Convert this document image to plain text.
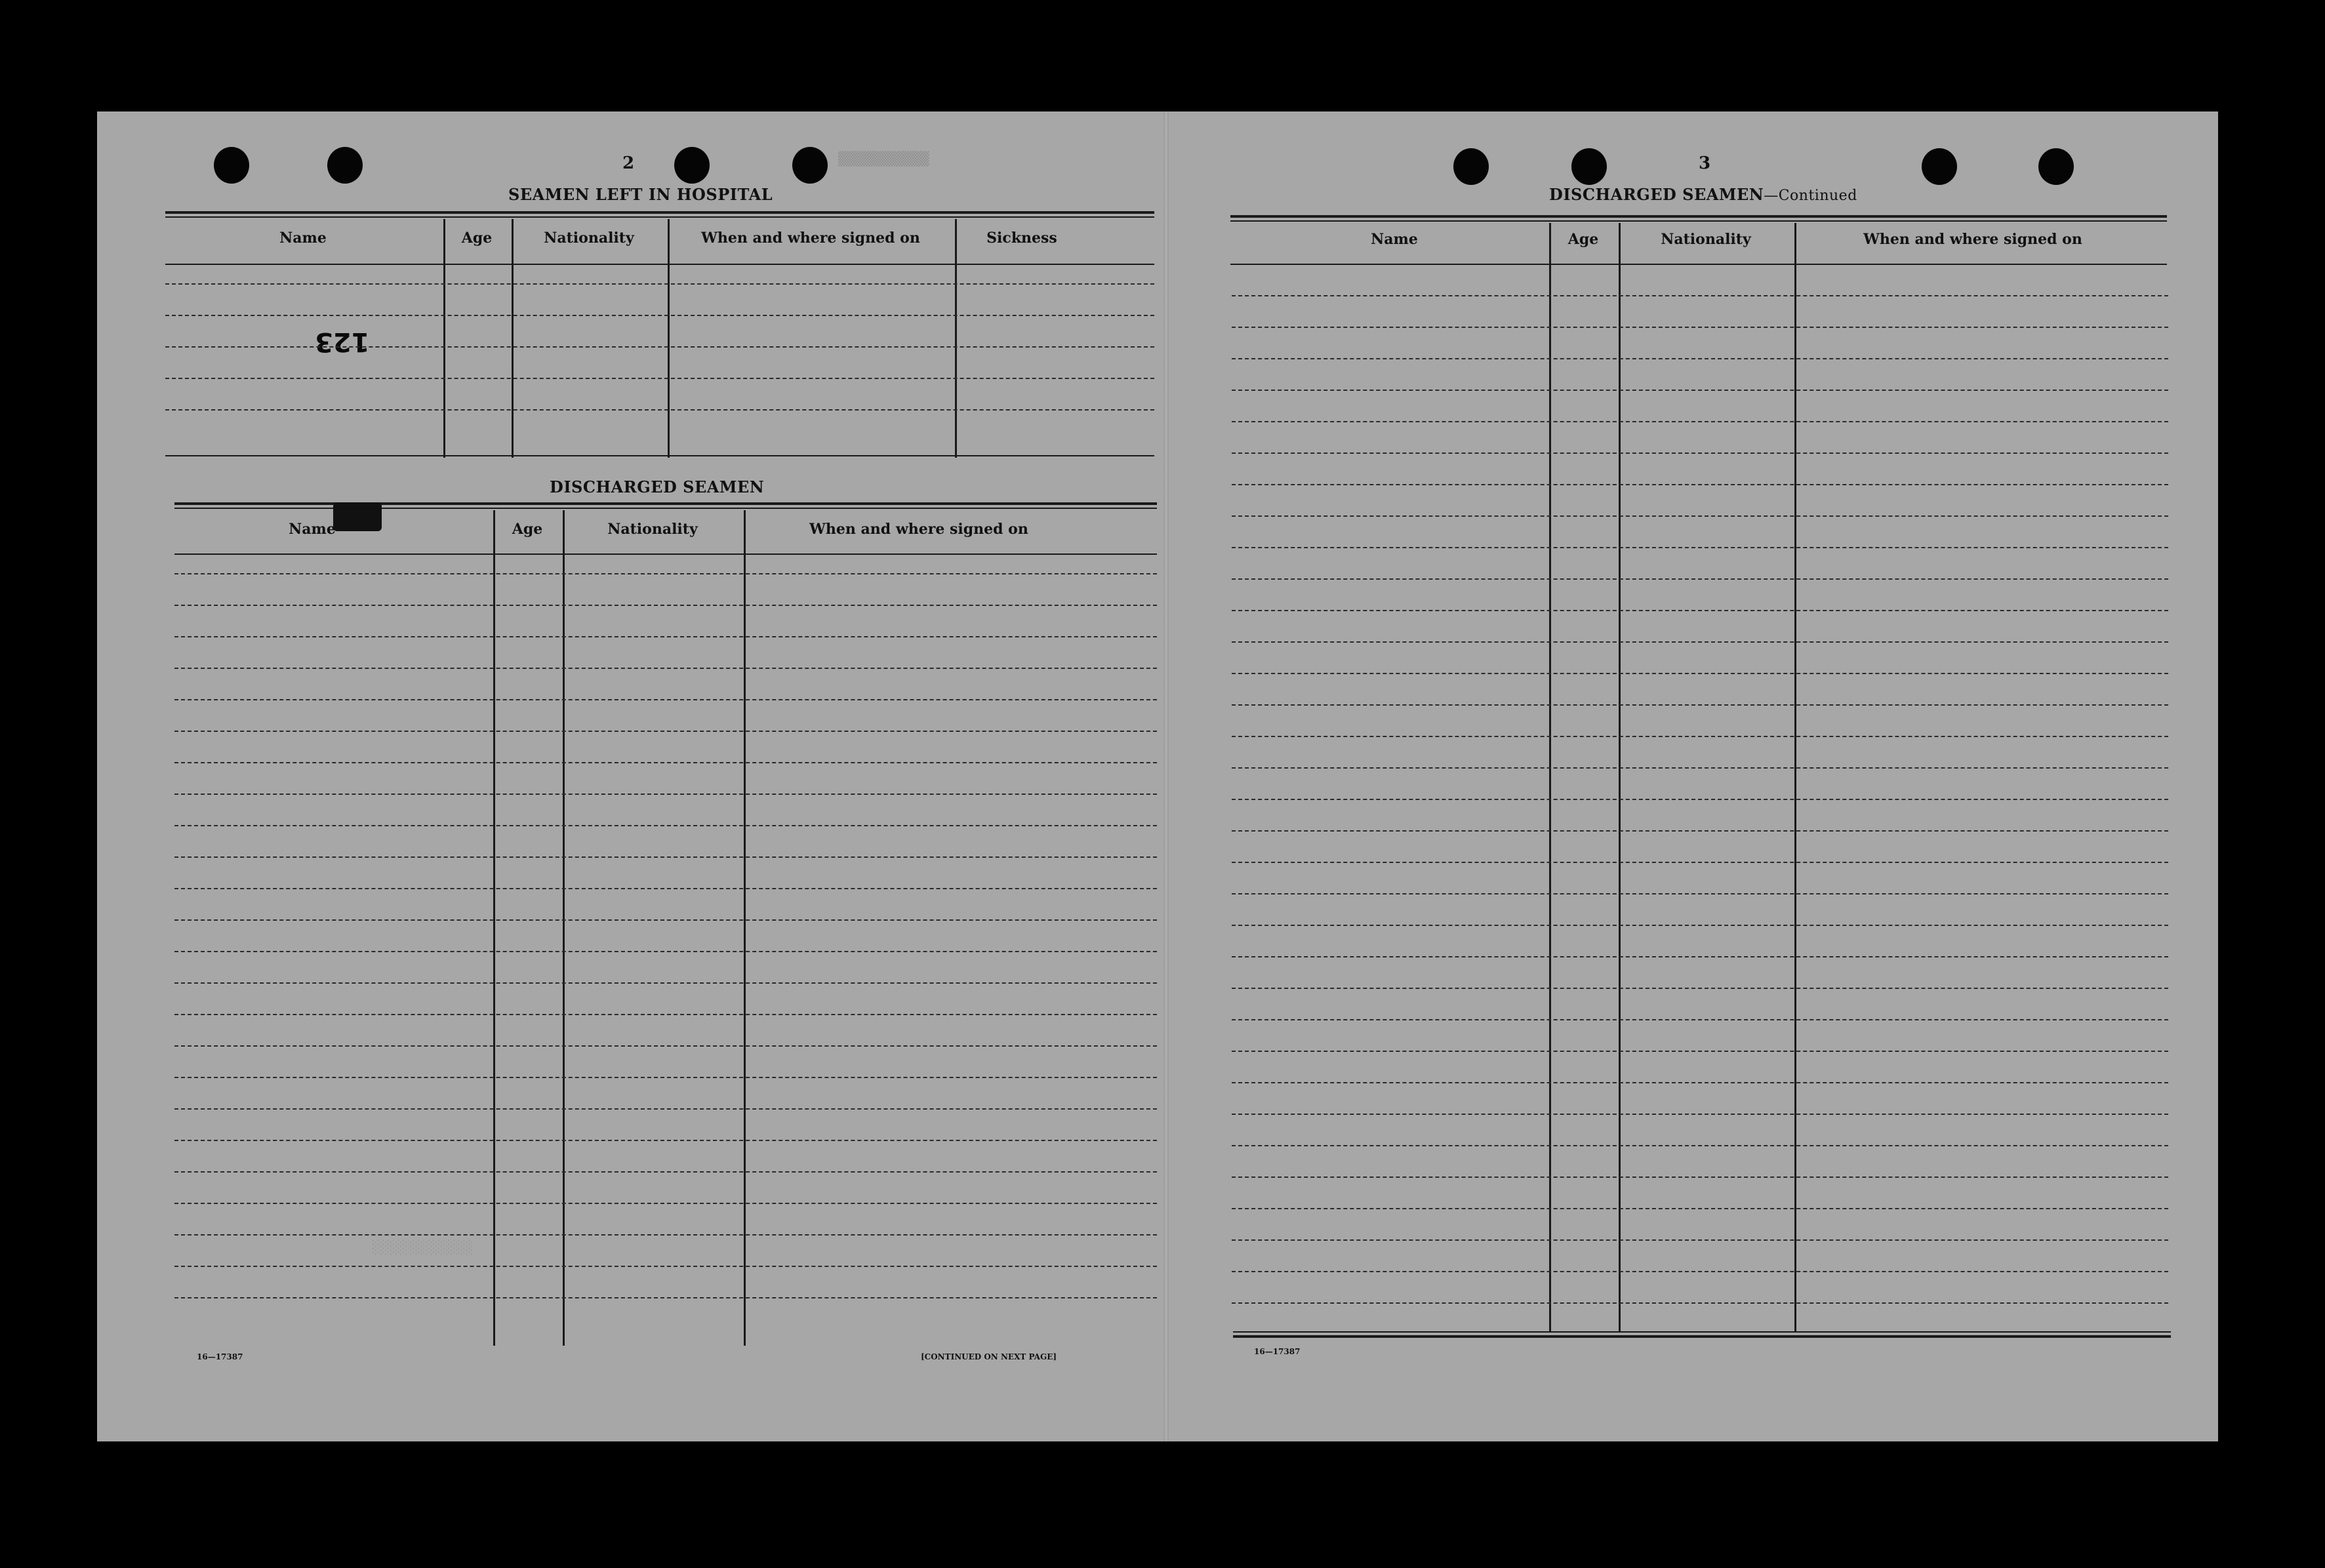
▒▒▒▒▒▒▒▒▒
░░░░░░░░░░
2
SEAMEN LEFT IN HOSPITAL
Name	Age	Nationality	When and where signed on	Sickness
123
DISCHARGED SEAMEN
Name	Age	Nationality	When and where signed on
16—17387	[CONTINUED ON NEXT PAGE]
3
DISCHARGED SEAMEN—Continued
Name	Age	Nationality	When and where signed on
16—17387
